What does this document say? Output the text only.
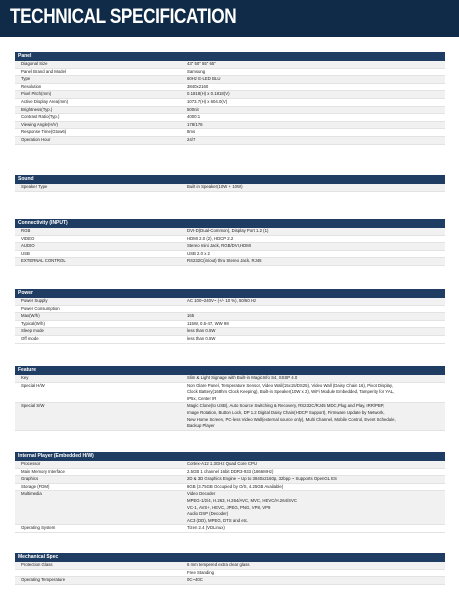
TECHNICAL SPECIFICATION
Panel
Diagonal Size	43" 50" 55" 65"
Panel Brand and Model	Samsung
Type	60Hz E-LED BLU
Resolution	3840x2160
Pixel Pitch(mm)	0.1818(H) x 0.1818(V)
Active Display Area(mm)	1073.7(H) x 604.0(V)
Brightness(Typ.)	500nit
Contrast Ratio(Typ.)	4000:1
Viewing Angle(H/V)	178/178
Response Time(Gtow6)	8ms
Operation Hour	24/7
Sound
Speaker Type	Built in Speaker(10W + 10W)
Connectivity (INPUT)
RGB	DVI-D(Dual-Common), Display Port 1.2 (1)
VIDEO	HDMI 2.0 (2), HDCP 2.2
AUDIO	Stereo mini Jack, RGB/DVI,HDMI
USB	USB 2.0 x 2
EXTERNAL CONTROL	RS232C(in/out) thru Stereo Jack, RJ45
Power
Power Supply	AC 100~240V~ (+/- 10 %), 50/60 Hz
Power Consumption
Max(W/h)	165
Typical(W/h)	115W, 0.5-47, WW 98
Sleep mode	less than 0.5W
Off mode	less than 0.5W
Feature
Key	Slim & Light Signage with Built-in MagicInfo S4, SSSP 4.0
Special H/W	Non Glare Panel, Temperature Sensor, Video Wall(15x15/DS25), Video Wall (Daisy Chain 16), Pivot Display,
Clock Battery(168hrs Clock Keeping), Built-in Speaker(10W x 2), WiFi Module Embedded, Tamperity for YAL,
IP5x, Center IR
Special S/W	Magic Clone(to USB), Auto Source Switching & Recovery, RS232C/RJ45 MDC,Plug and Play, IRR/PBP,
Image Rotation, Button Lock, DP 1.2 Digital Daisy Chain(HDCP Support), Firmware Update by Network,
New Home Screen, PC-less Video Wall(external source only), Multi Channel, Mobile Control, Event Schedule,
Backup Player
Internal Player (Embedded H/W)
Processor	Cortex-A12 1.3GHz Quad Core CPU
Main Memory Interface	2.5GB 1 channel 16bit DDR3-933 (1866MHz)
Graphics	2D & 3D Graphics Engine ~ Up to 3840x2160p, 32bpp ~ Supports OpenGL ES
Storage (FDM)	8GB (3.75GB Occupied by O/S, 4.25GB Available)
Multimedia	Video Decoder
MPEG-1/2/4, H.263, H.264/AVC, MVC, HEVC/H.264/SVC
VC-1, AVS+, HEVC, JPEG, PNG, VP8, VP9
Audio DSP (Decoder)
AC3 (DD), MPEG, DTS and etc.
Operating System	Tizen 2.4 (VDLinux)
Mechanical Spec
Protection Glass	6 mm tempered extra clear glass
Free Standing
Operating Temperature	0C~40C
